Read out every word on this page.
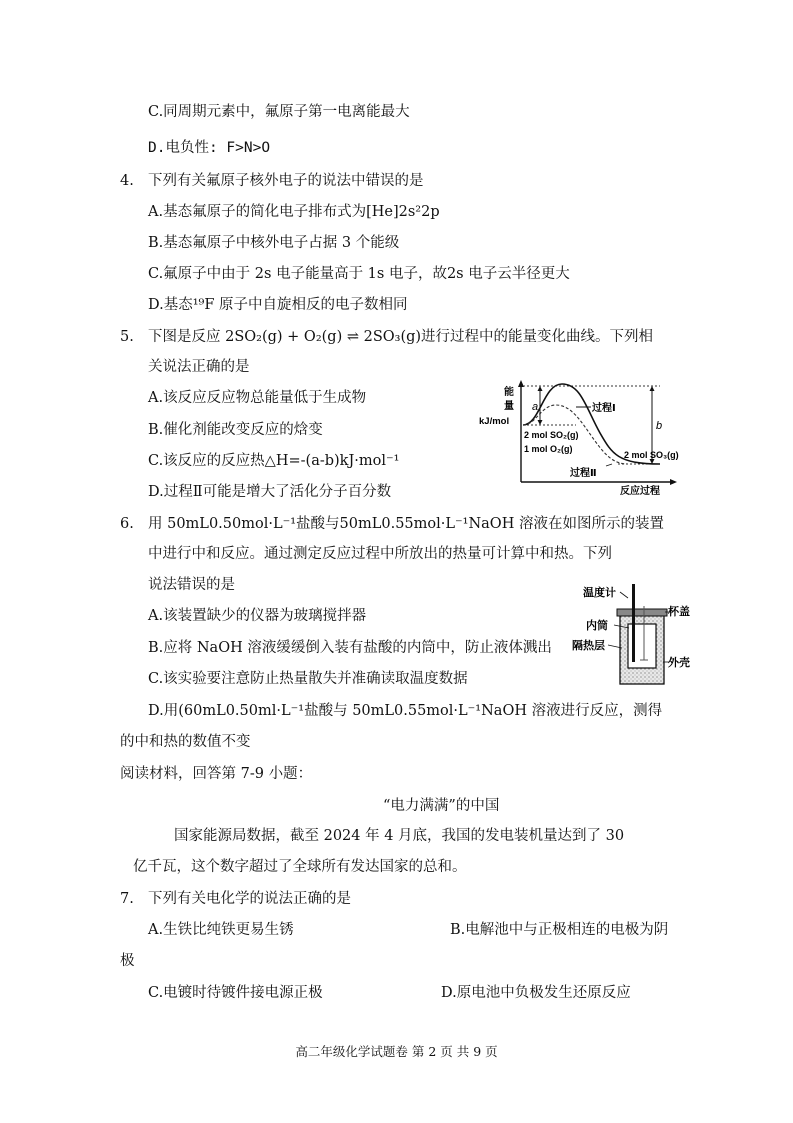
C.同周期元素中，氟原子第一电离能最大
D.电负性: F>N>O
4. 下列有关氟原子核外电子的说法中错误的是
A.基态氟原子的简化电子排布式为[He]2s²2p
B.基态氟原子中核外电子占据 3 个能级
C.氟原子中由于 2s 电子能量高于 1s 电子，故2s 电子云半径更大
D.基态¹⁹F 原子中自旋相反的电子数相同
5. 下图是反应 2SO₂(g) + O₂(g) ⇌ 2SO₃(g)进行过程中的能量变化曲线。下列相
关说法正确的是
A.该反应反应物总能量低于生成物
B.催化剂能改变反应的焓变
C.该反应的反应热△H=-(a-b)kJ·mol⁻¹
D.过程Ⅱ可能是增大了活化分子百分数
能
量
kJ/mol
a
b
过程Ⅰ
2 mol SO₂(g)
1 mol O₂(g)
2 mol SO₃(g)
过程Ⅱ
反应过程
6. 用 50mL0.50mol·L⁻¹盐酸与50mL0.55mol·L⁻¹NaOH 溶液在如图所示的装置
中进行中和反应。通过测定反应过程中所放出的热量可计算中和热。下列
说法错误的是
A.该装置缺少的仪器为玻璃搅拌器
B.应将 NaOH 溶液缓缓倒入装有盐酸的内筒中，防止液体溅出
C.该实验要注意防止热量散失并准确读取温度数据
D.用(60mL0.50ml·L⁻¹盐酸与 50mL0.55mol·L⁻¹NaOH 溶液进行反应，测得
的中和热的数值不变
温度计
杯盖
内筒
隔热层
外壳
阅读材料，回答第 7-9 小题：
“电力满满”的中国
国家能源局数据，截至 2024 年 4 月底，我国的发电装机量达到了 30
亿千瓦，这个数字超过了全球所有发达国家的总和。
7. 下列有关电化学的说法正确的是
A.生铁比纯铁更易生锈	B.电解池中与正极相连的电极为阴
极
C.电镀时待镀件接电源正极	D.原电池中负极发生还原反应
高二年级化学试题卷 第 2 页 共 9 页
